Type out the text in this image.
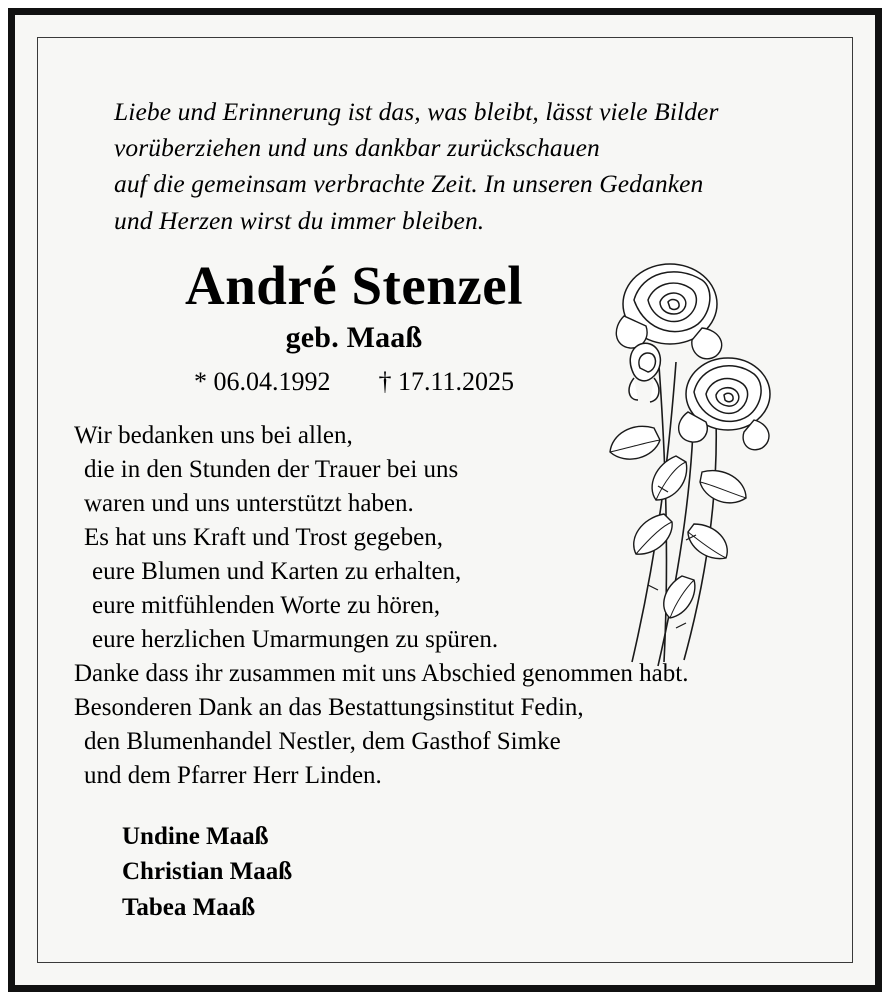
Liebe und Erinnerung ist das, was bleibt, lässt viele Bilder
vorüberziehen und uns dankbar zurückschauen
auf die gemeinsam verbrachte Zeit. In unseren Gedanken
und Herzen wirst du immer bleiben.
André Stenzel
geb. Maaß
* 06.04.1992 † 17.11.2025
Wir bedanken uns bei allen,
die in den Stunden der Trauer bei uns
waren und uns unterstützt haben.
Es hat uns Kraft und Trost gegeben,
eure Blumen und Karten zu erhalten,
eure mitfühlenden Worte zu hören,
eure herzlichen Umarmungen zu spüren.
Danke dass ihr zusammen mit uns Abschied genommen habt.
Besonderen Dank an das Bestattungsinstitut Fedin,
den Blumenhandel Nestler, dem Gasthof Simke
und dem Pfarrer Herr Linden.
Undine Maaß
Christian Maaß
Tabea Maaß
